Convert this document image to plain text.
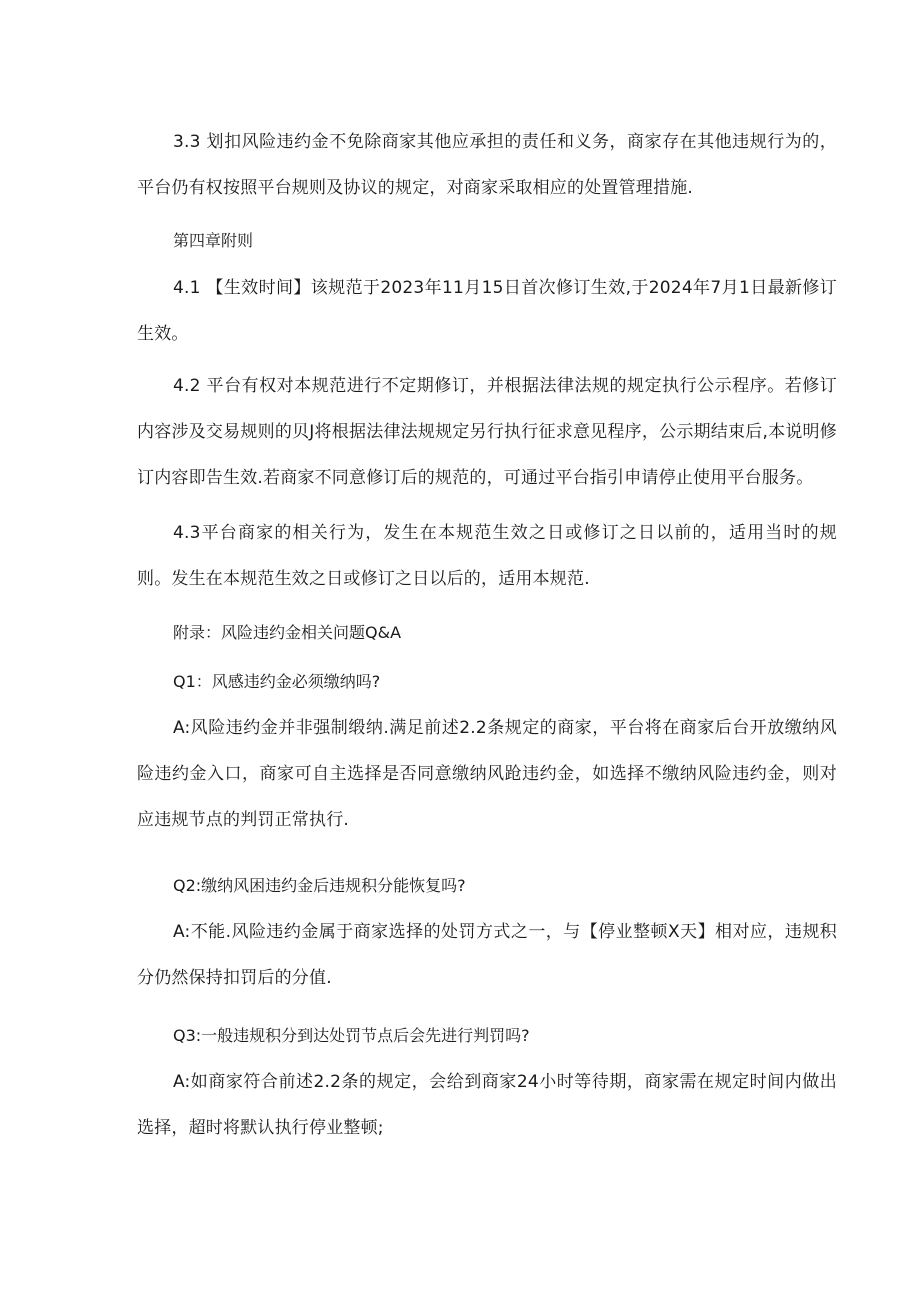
3.3 划扣风险违约金不免除商家其他应承担的责任和义务，商家存在其他违规行为的，平台仍有权按照平台规则及协议的规定，对商家采取相应的处置管理措施.

第四章附则

4.1 【生效时间】该规范于2023年11月15日首次修订生效,于2024年7月1日最新修订生效。

4.2 平台有权对本规范进行不定期修订，并根据法律法规的规定执行公示程序。若修订内容涉及交易规则的贝J将根据法律法规规定另行执行征求意见程序，公示期结束后,本说明修订内容即告生效.若商家不同意修订后的规范的，可通过平台指引申请停止使用平台服务。

4.3平台商家的相关行为，发生在本规范生效之日或修订之日以前的，适用当时的规则。发生在本规范生效之日或修订之日以后的，适用本规范.

附录：风险违约金相关问题Q&A

Q1：风感违约金必须缴纳吗?

A:风险违约金并非强制缎纳.满足前述2.2条规定的商家，平台将在商家后台开放缴纳风险违约金入口，商家可自主选择是否同意缴纳风跄违约金，如选择不缴纳风险违约金，则对应违规节点的判罚正常执行.

Q2:缴纳风困违约金后违规积分能恢复吗?

A:不能.风险违约金属于商家选择的处罚方式之一，与【停业整顿X天】相对应，违规积分仍然保持扣罚后的分值.

Q3:一般违规积分到达处罚节点后会先进行判罚吗?

A:如商家符合前述2.2条的规定，会给到商家24小时等待期，商家需在规定时间内做出选择，超时将默认执行停业整顿;
